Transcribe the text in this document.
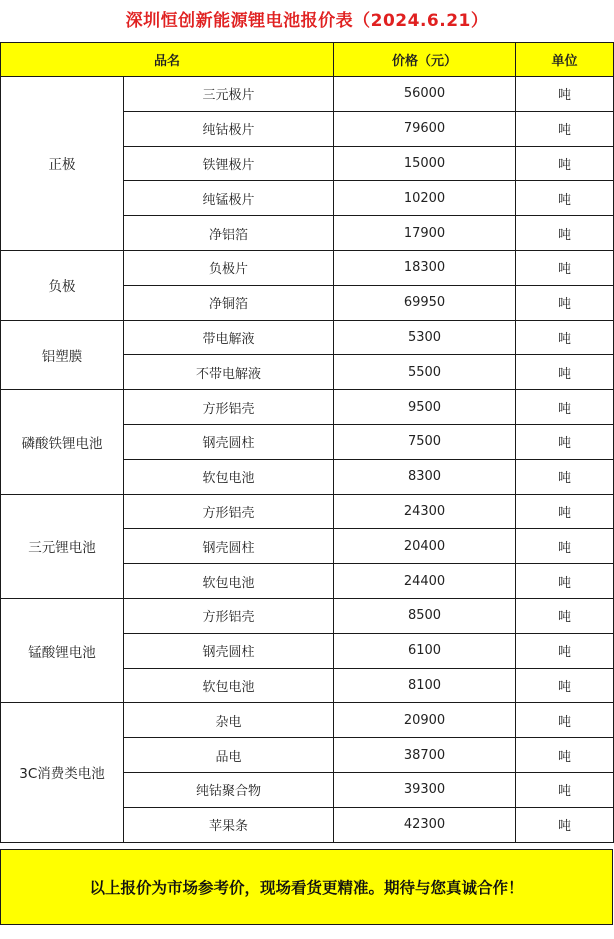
深圳恒创新能源锂电池报价表（2024.6.21）
品名		价格（元）	单位
正极	三元极片	56000	吨
	纯钴极片	79600	吨
	铁锂极片	15000	吨
	纯锰极片	10200	吨
	净铝箔	17900	吨
负极	负极片	18300	吨
	净铜箔	69950	吨
铝塑膜	带电解液	5300	吨
	不带电解液	5500	吨
磷酸铁锂电池	方形铝壳	9500	吨
	钢壳圆柱	7500	吨
	软包电池	8300	吨
三元锂电池	方形铝壳	24300	吨
	钢壳圆柱	20400	吨
	软包电池	24400	吨
锰酸锂电池	方形铝壳	8500	吨
	钢壳圆柱	6100	吨
	软包电池	8100	吨
3C消费类电池	杂电	20900	吨
	品电	38700	吨
	纯钴聚合物	39300	吨
	苹果条	42300	吨
以上报价为市场参考价，现场看货更精准。期待与您真诚合作！
